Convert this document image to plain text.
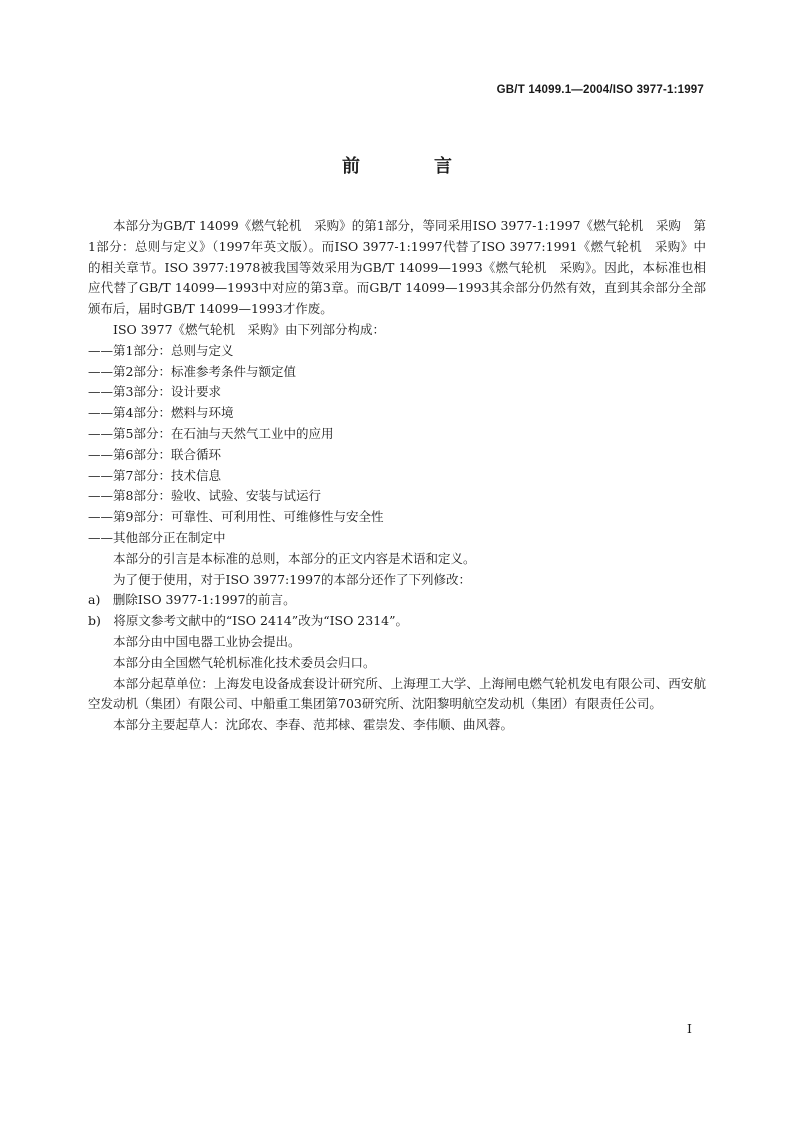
GB/T 14099.1—2004/ISO 3977-1:1997
前　言

本部分为GB/T 14099《燃气轮机　采购》的第1部分，等同采用ISO 3977-1:1997《燃气轮机　采购　第1部分：总则与定义》（1997年英文版）。而ISO 3977-1:1997代替了ISO 3977:1991《燃气轮机　采购》中的相关章节。ISO 3977:1978被我国等效采用为GB/T 14099—1993《燃气轮机　采购》。因此，本标准也相应代替了GB/T 14099—1993中对应的第3章。而GB/T 14099—1993其余部分仍然有效，直到其余部分全部颁布后，届时GB/T 14099—1993才作废。

ISO 3977《燃气轮机　采购》由下列部分构成：

——第1部分：总则与定义

——第2部分：标准参考条件与额定值

——第3部分：设计要求

——第4部分：燃料与环境

——第5部分：在石油与天然气工业中的应用

——第6部分：联合循环

——第7部分：技术信息

——第8部分：验收、试验、安装与试运行

——第9部分：可靠性、可利用性、可维修性与安全性

——其他部分正在制定中

本部分的引言是本标准的总则，本部分的正文内容是术语和定义。

为了便于使用，对于ISO 3977:1997的本部分还作了下列修改：

a)　删除ISO 3977-1:1997的前言。

b)　将原文参考文献中的“ISO 2414”改为“ISO 2314”。

本部分由中国电器工业协会提出。

本部分由全国燃气轮机标准化技术委员会归口。

本部分起草单位：上海发电设备成套设计研究所、上海理工大学、上海闸电燃气轮机发电有限公司、西安航空发动机（集团）有限公司、中船重工集团第703研究所、沈阳黎明航空发动机（集团）有限责任公司。

本部分主要起草人：沈邱农、李春、范邦梂、霍崇发、李伟顺、曲风蓉。

I
